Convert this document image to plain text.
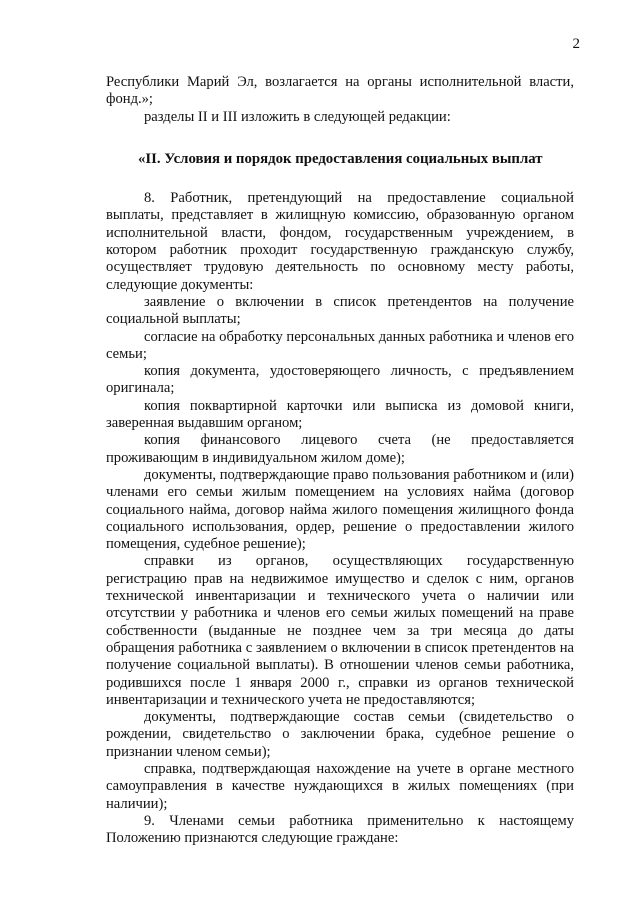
2

Республики Марий Эл, возлагается на органы исполнительной власти, фонд.»;

разделы II и III изложить в следующей редакции:

«II. Условия и порядок предоставления социальных выплат

8. Работник, претендующий на предоставление социальной выплаты, представляет в жилищную комиссию, образованную органом исполнительной власти, фондом, государственным учреждением, в котором работник проходит государственную гражданскую службу, осуществляет трудовую деятельность по основному месту работы, следующие документы:

заявление о включении в список претендентов на получение социальной выплаты;

согласие на обработку персональных данных работника и членов его семьи;

копия документа, удостоверяющего личность, с предъявлением оригинала;

копия поквартирной карточки или выписка из домовой книги, заверенная выдавшим органом;

копия финансового лицевого счета (не предоставляется проживающим в индивидуальном жилом доме);

документы, подтверждающие право пользования работником и (или) членами его семьи жилым помещением на условиях найма (договор социального найма, договор найма жилого помещения жилищного фонда социального использования, ордер, решение о предоставлении жилого помещения, судебное решение);

справки из органов, осуществляющих государственную регистрацию прав на недвижимое имущество и сделок с ним, органов технической инвентаризации и технического учета о наличии или отсутствии у работника и членов его семьи жилых помещений на праве собственности (выданные не позднее чем за три месяца до даты обращения работника с заявлением о включении в список претендентов на получение социальной выплаты). В отношении членов семьи работника, родившихся после 1 января 2000 г., справки из органов технической инвентаризации и технического учета не предоставляются;

документы, подтверждающие состав семьи (свидетельство о рождении, свидетельство о заключении брака, судебное решение о признании членом семьи);

справка, подтверждающая нахождение на учете в органе местного самоуправления в качестве нуждающихся в жилых помещениях (при наличии);

9. Членами семьи работника применительно к настоящему Положению признаются следующие граждане:
